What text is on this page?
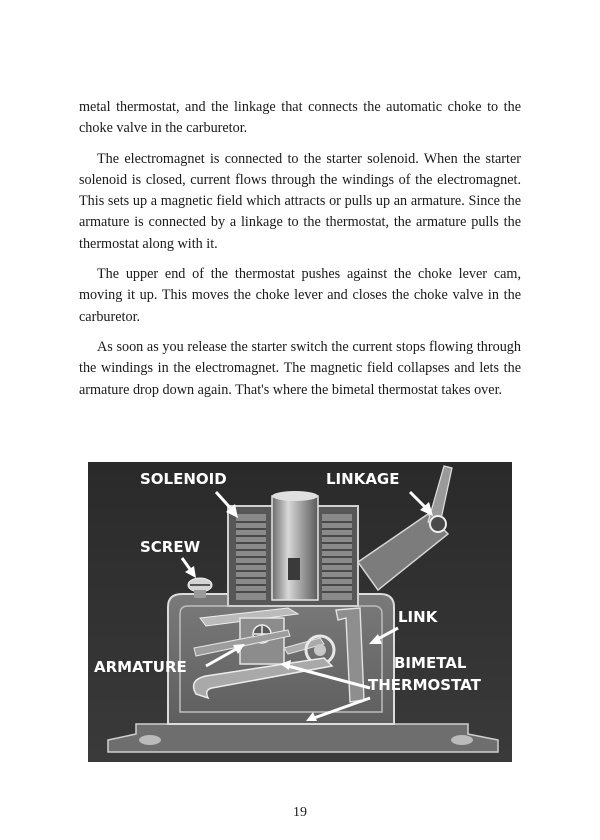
metal thermostat, and the linkage that connects the automatic choke to the choke valve in the carburetor.

The electromagnet is connected to the starter solenoid. When the starter solenoid is closed, current flows through the windings of the electromagnet. This sets up a magnetic field which attracts or pulls up an armature. Since the armature is connected by a linkage to the thermostat, the armature pulls the thermostat along with it.

The upper end of the thermostat pushes against the choke lever cam, moving it up. This moves the choke lever and closes the choke valve in the carburetor.

As soon as you release the starter switch the current stops flowing through the windings in the electromagnet. The magnetic field collapses and lets the armature drop down again. That's where the bimetal thermostat takes over.

SOLENOID	LINKAGE
SCREW
LINK
ARMATURE	BIMETAL
THERMOSTAT
19
